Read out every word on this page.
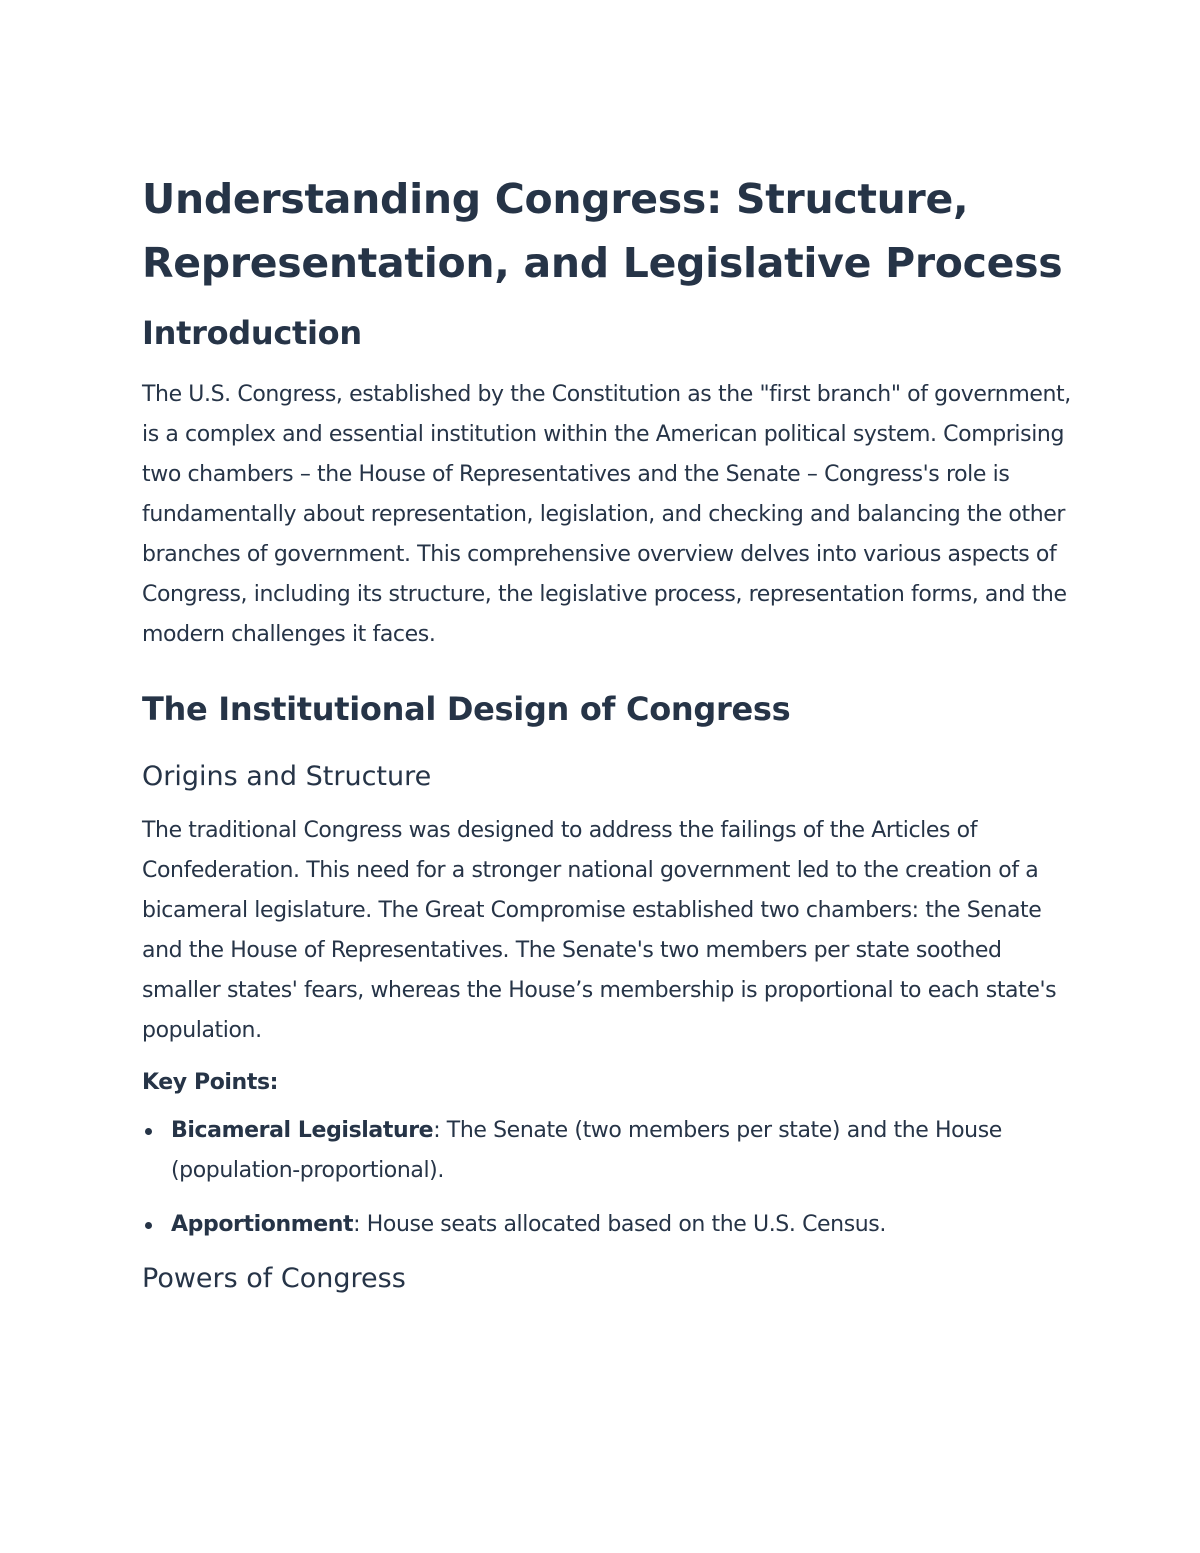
Understanding Congress: Structure, Representation, and Legislative Process
Introduction

The U.S. Congress, established by the Constitution as the "first branch" of government, is a complex and essential institution within the American political system. Comprising two chambers – the House of Representatives and the Senate – Congress's role is fundamentally about representation, legislation, and checking and balancing the other branches of government. This comprehensive overview delves into various aspects of Congress, including its structure, the legislative process, representation forms, and the modern challenges it faces.

The Institutional Design of Congress
Origins and Structure

The traditional Congress was designed to address the failings of the Articles of Confederation. This need for a stronger national government led to the creation of a bicameral legislature. The Great Compromise established two chambers: the Senate and the House of Representatives. The Senate's two members per state soothed smaller states' fears, whereas the House’s membership is proportional to each state's population.

Key Points:
Bicameral Legislature: The Senate (two members per state) and the House (population-proportional).
Apportionment: House seats allocated based on the U.S. Census.
Powers of Congress
